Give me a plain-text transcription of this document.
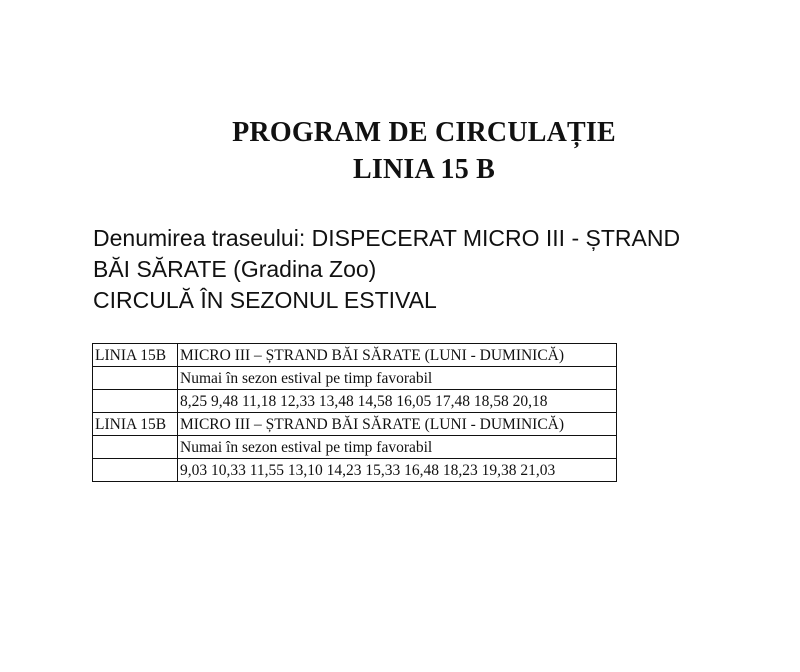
PROGRAM DE CIRCULAȚIE
LINIA 15 B

Denumirea traseului: DISPECERAT MICRO III - ȘTRAND

BĂI SĂRATE (Gradina Zoo)

CIRCULĂ ÎN SEZONUL ESTIVAL

LINIA 15B	MICRO III – ȘTRAND BĂI SĂRATE (LUNI - DUMINICĂ)
	Numai în sezon estival pe timp favorabil
	8,25 9,48 11,18 12,33 13,48 14,58 16,05 17,48 18,58 20,18
LINIA 15B	MICRO III – ȘTRAND BĂI SĂRATE (LUNI - DUMINICĂ)
	Numai în sezon estival pe timp favorabil
	9,03 10,33 11,55 13,10 14,23 15,33 16,48 18,23 19,38 21,03
